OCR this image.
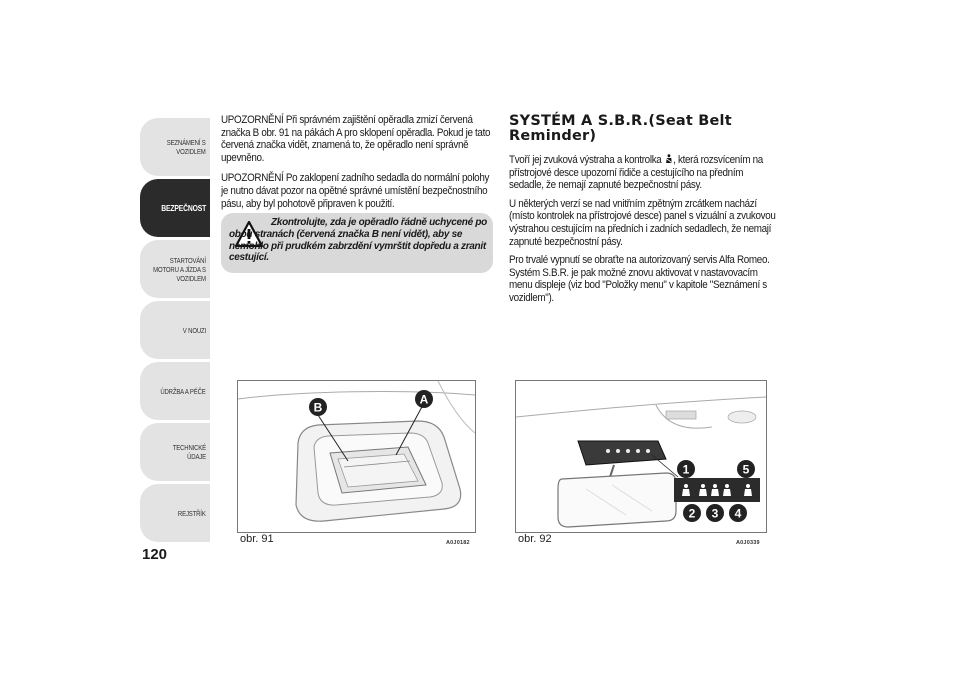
SEZNÁMENÍ S
VOZIDLEM
BEZPEČNOST
STARTOVÁNÍ
MOTORU A JÍZDA S
VOZIDLEM
V NOUZI
ÚDRŽBA A PÉČE
TECHNICKÉ ÚDAJE
REJSTŘÍK
120

UPOZORNĚNÍ Při správném zajištění opěradla zmizí červená značka B obr. 91 na pákách A pro sklopení opěradla. Pokud je tato červená značka vidět, znamená to, že opěradlo není správně upevněno.

UPOZORNĚNÍ Po zaklopení zadního sedadla do normální polohy je nutno dávat pozor na opětné správné umístění bezpečnostního pásu, aby byl pohotově připraven k použití.

Zkontrolujte, zda je opěradlo řádně uchycené po obou stranách (červená značka B není vidět), aby se nemohlo při prudkém zabrzdění vymrštit dopředu a zranit cestující.
SYSTÉM A S.B.R.(Seat Belt Reminder)

Tvoří jej zvuková výstraha a kontrolka , která rozsvícením na přístrojové desce upozorní řidiče a cestujícího na předním sedadle, že nemají zapnuté bezpečnostní pásy.

U některých verzí se nad vnitřním zpětným zrcátkem nachází (místo kontrolek na přístrojové desce) panel s vizuální a zvukovou výstrahou cestujícím na předních i zadních sedadlech, že nemají zapnuté bezpečnostní pásy.

Pro trvalé vypnutí se obraťte na autorizovaný servis Alfa Romeo. Systém S.B.R. je pak možné znovu aktivovat v nastavovacím menu displeje (viz bod "Položky menu" v kapitole "Seznámení s vozidlem").

B
A
obr. 91	A0J0182
1	5
2 3 4
obr. 92	A0J0339
